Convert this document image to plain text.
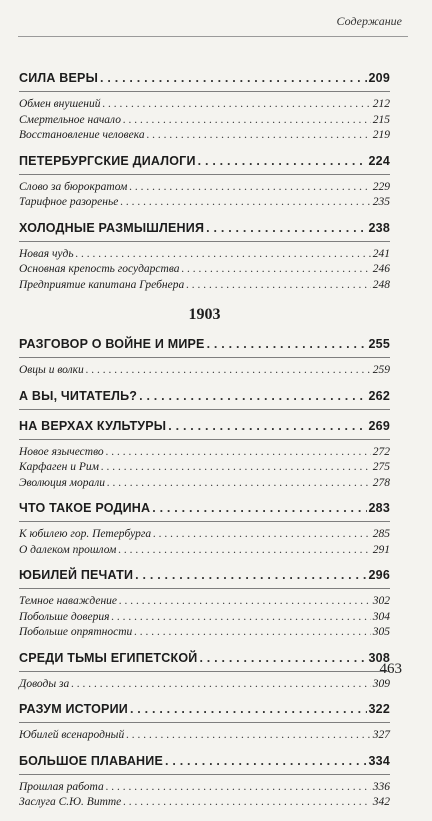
Содержание
СИЛА ВЕРЫ . . .	209
Обмен внушений . . .	212
Смертельное начало . . .	215
Восстановление человека . . .	219
ПЕТЕРБУРГСКИЕ ДИАЛОГИ . . .	224
Слово за бюрократом . . .	229
Тарифное разоренье . . .	235
ХОЛОДНЫЕ РАЗМЫШЛЕНИЯ . . .	238
Новая чудь . . .	241
Основная крепость государства . . .	246
Предприятие капитана Гребнера . . .	248
1903
РАЗГОВОР О ВОЙНЕ И МИРЕ . . .	255
Овцы и волки . . .	259
А ВЫ, ЧИТАТЕЛЬ? . . .	262
НА ВЕРХАХ КУЛЬТУРЫ . . .	269
Новое язычество . . .	272
Карфаген и Рим . . .	275
Эволюция морали . . .	278
ЧТО ТАКОЕ РОДИНА . . .	283
К юбилею гор. Петербурга . . .	285
О далеком прошлом . . .	291
ЮБИЛЕЙ ПЕЧАТИ . . .	296
Темное наваждение . . .	302
Побольше доверия . . .	304
Побольше опрятности . . .	305
СРЕДИ ТЬМЫ ЕГИПЕТСКОЙ . . .	308
Доводы за . . .	309
РАЗУМ ИСТОРИИ . . .	322
Юбилей всенародный . . .	327
БОЛЬШОЕ ПЛАВАНИЕ . . .	334
Прошлая работа . . .	336
Заслуга С.Ю. Витте . . .	342
463
